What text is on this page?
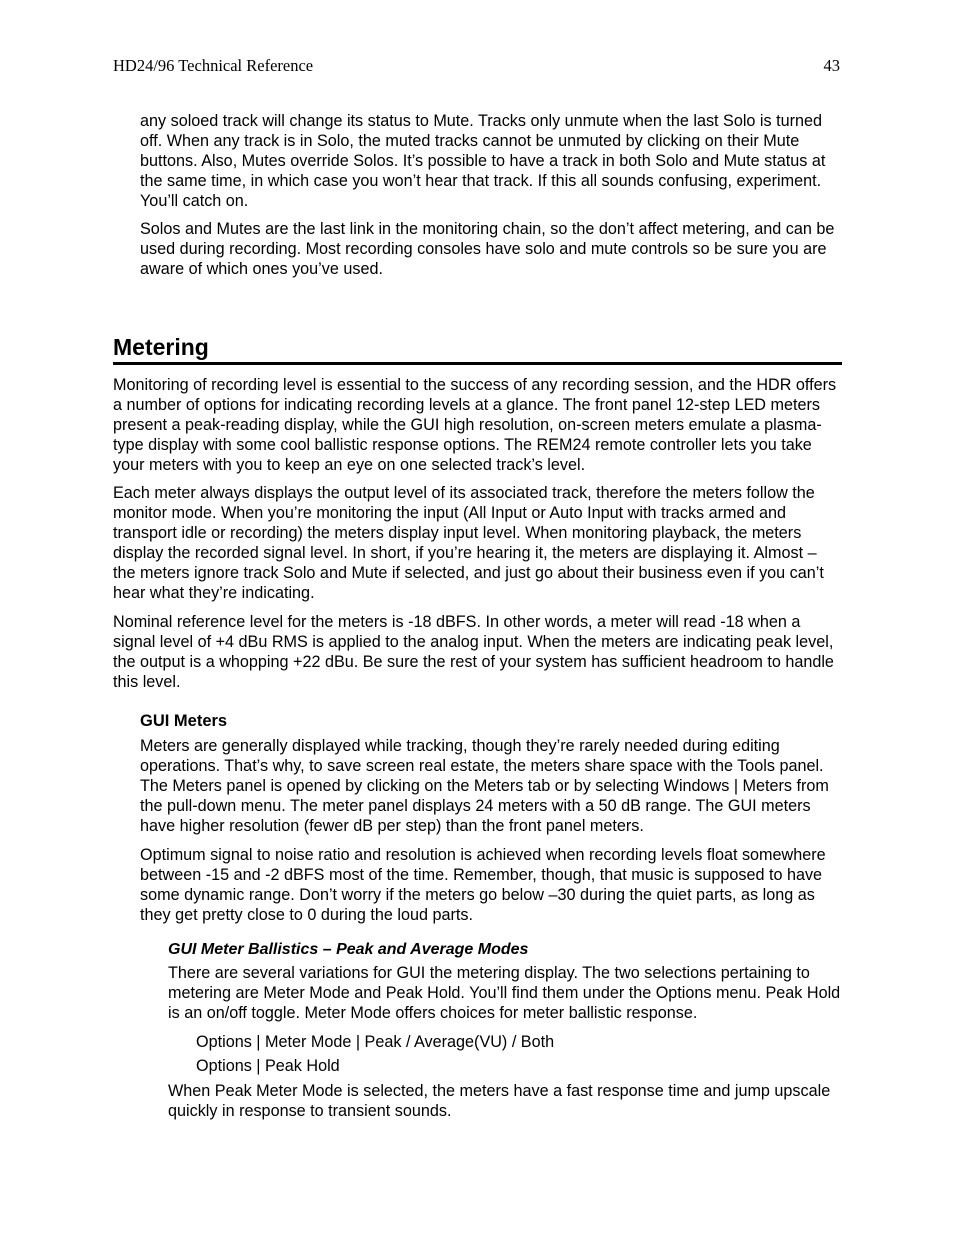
HD24/96 Technical Reference	43

any soloed track will change its status to Mute. Tracks only unmute when the last Solo is turned off. When any track is in Solo, the muted tracks cannot be unmuted by clicking on their Mute buttons. Also, Mutes override Solos. It’s possible to have a track in both Solo and Mute status at the same time, in which case you won’t hear that track. If this all sounds confusing, experiment. You’ll catch on.

Solos and Mutes are the last link in the monitoring chain, so the don’t affect metering, and can be used during recording. Most recording consoles have solo and mute controls so be sure you are aware of which ones you’ve used.

Metering

Monitoring of recording level is essential to the success of any recording session, and the HDR offers a number of options for indicating recording levels at a glance. The front panel 12-step LED meters present a peak-reading display, while the GUI high resolution, on-screen meters emulate a plasma-type display with some cool ballistic response options. The REM24 remote controller lets you take your meters with you to keep an eye on one selected track’s level.

Each meter always displays the output level of its associated track, therefore the meters follow the monitor mode. When you’re monitoring the input (All Input or Auto Input with tracks armed and transport idle or recording) the meters display input level. When monitoring playback, the meters display the recorded signal level. In short, if you’re hearing it, the meters are displaying it. Almost – the meters ignore track Solo and Mute if selected, and just go about their business even if you can’t hear what they’re indicating.

Nominal reference level for the meters is -18 dBFS. In other words, a meter will read -18 when a signal level of +4 dBu RMS is applied to the analog input. When the meters are indicating peak level, the output is a whopping +22 dBu. Be sure the rest of your system has sufficient headroom to handle this level.

GUI Meters

Meters are generally displayed while tracking, though they’re rarely needed during editing operations. That’s why, to save screen real estate, the meters share space with the Tools panel. The Meters panel is opened by clicking on the Meters tab or by selecting Windows | Meters from the pull-down menu. The meter panel displays 24 meters with a 50 dB range. The GUI meters have higher resolution (fewer dB per step) than the front panel meters.

Optimum signal to noise ratio and resolution is achieved when recording levels float somewhere between -15 and -2 dBFS most of the time. Remember, though, that music is supposed to have some dynamic range. Don’t worry if the meters go below –30 during the quiet parts, as long as they get pretty close to 0 during the loud parts.

GUI Meter Ballistics – Peak and Average Modes

There are several variations for GUI the metering display. The two selections pertaining to metering are Meter Mode and Peak Hold. You’ll find them under the Options menu. Peak Hold is an on/off toggle. Meter Mode offers choices for meter ballistic response.

Options | Meter Mode | Peak / Average(VU) / Both

Options | Peak Hold

When Peak Meter Mode is selected, the meters have a fast response time and jump upscale quickly in response to transient sounds.
